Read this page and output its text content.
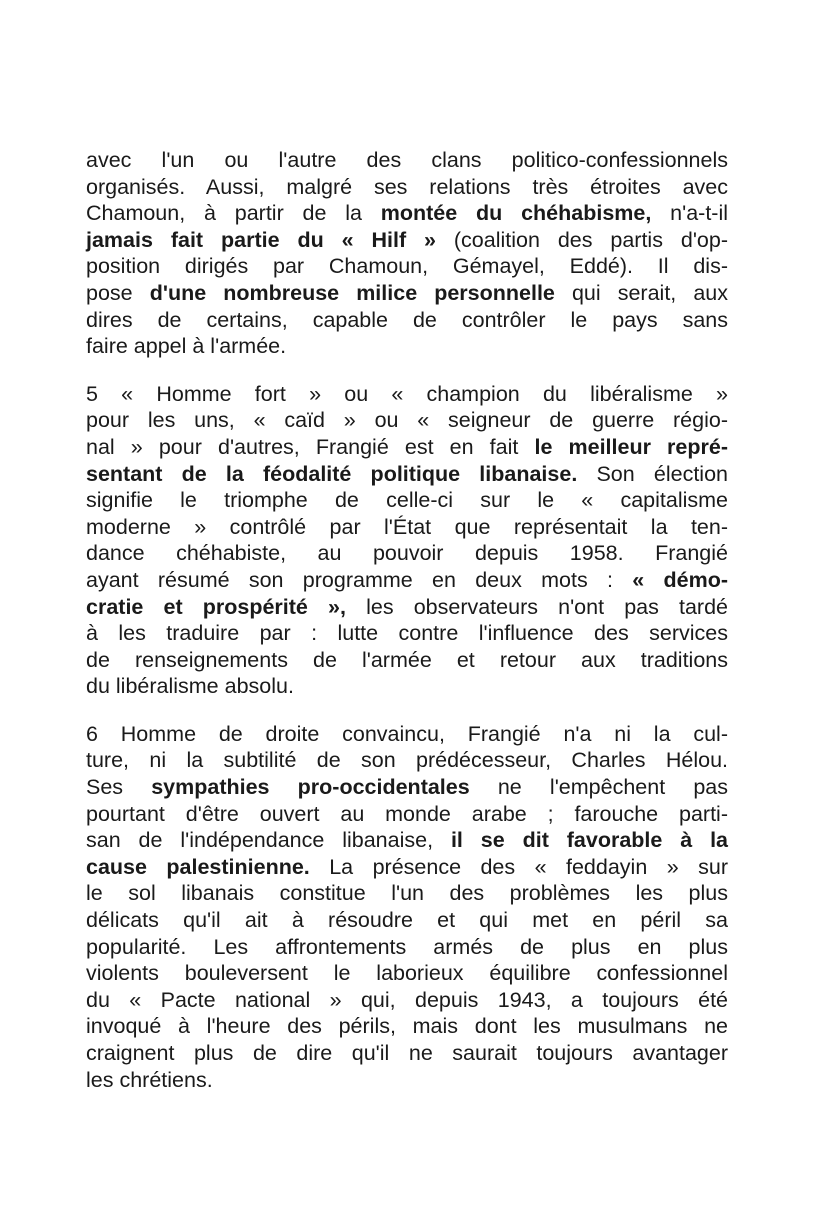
avec l'un ou l'autre des clans politico-confessionnels
organisés. Aussi, malgré ses relations très étroites avec
Chamoun, à partir de la montée du chéhabisme, n'a-t-il
jamais fait partie du « Hilf » (coalition des partis d'op-
position dirigés par Chamoun, Gémayel, Eddé). Il dis-
pose d'une nombreuse milice personnelle qui serait, aux
dires de certains, capable de contrôler le pays sans
faire appel à l'armée.
5 « Homme fort » ou « champion du libéralisme »
pour les uns, « caïd » ou « seigneur de guerre régio-
nal » pour d'autres, Frangié est en fait le meilleur repré-
sentant de la féodalité politique libanaise. Son élection
signifie le triomphe de celle-ci sur le « capitalisme
moderne » contrôlé par l'État que représentait la ten-
dance chéhabiste, au pouvoir depuis 1958. Frangié
ayant résumé son programme en deux mots : « démo-
cratie et prospérité », les observateurs n'ont pas tardé
à les traduire par : lutte contre l'influence des services
de renseignements de l'armée et retour aux traditions
du libéralisme absolu.
6 Homme de droite convaincu, Frangié n'a ni la cul-
ture, ni la subtilité de son prédécesseur, Charles Hélou.
Ses sympathies pro-occidentales ne l'empêchent pas
pourtant d'être ouvert au monde arabe ; farouche parti-
san de l'indépendance libanaise, il se dit favorable à la
cause palestinienne. La présence des « feddayin » sur
le sol libanais constitue l'un des problèmes les plus
délicats qu'il ait à résoudre et qui met en péril sa
popularité. Les affrontements armés de plus en plus
violents bouleversent le laborieux équilibre confessionnel
du « Pacte national » qui, depuis 1943, a toujours été
invoqué à l'heure des périls, mais dont les musulmans ne
craignent plus de dire qu'il ne saurait toujours avantager
les chrétiens.
